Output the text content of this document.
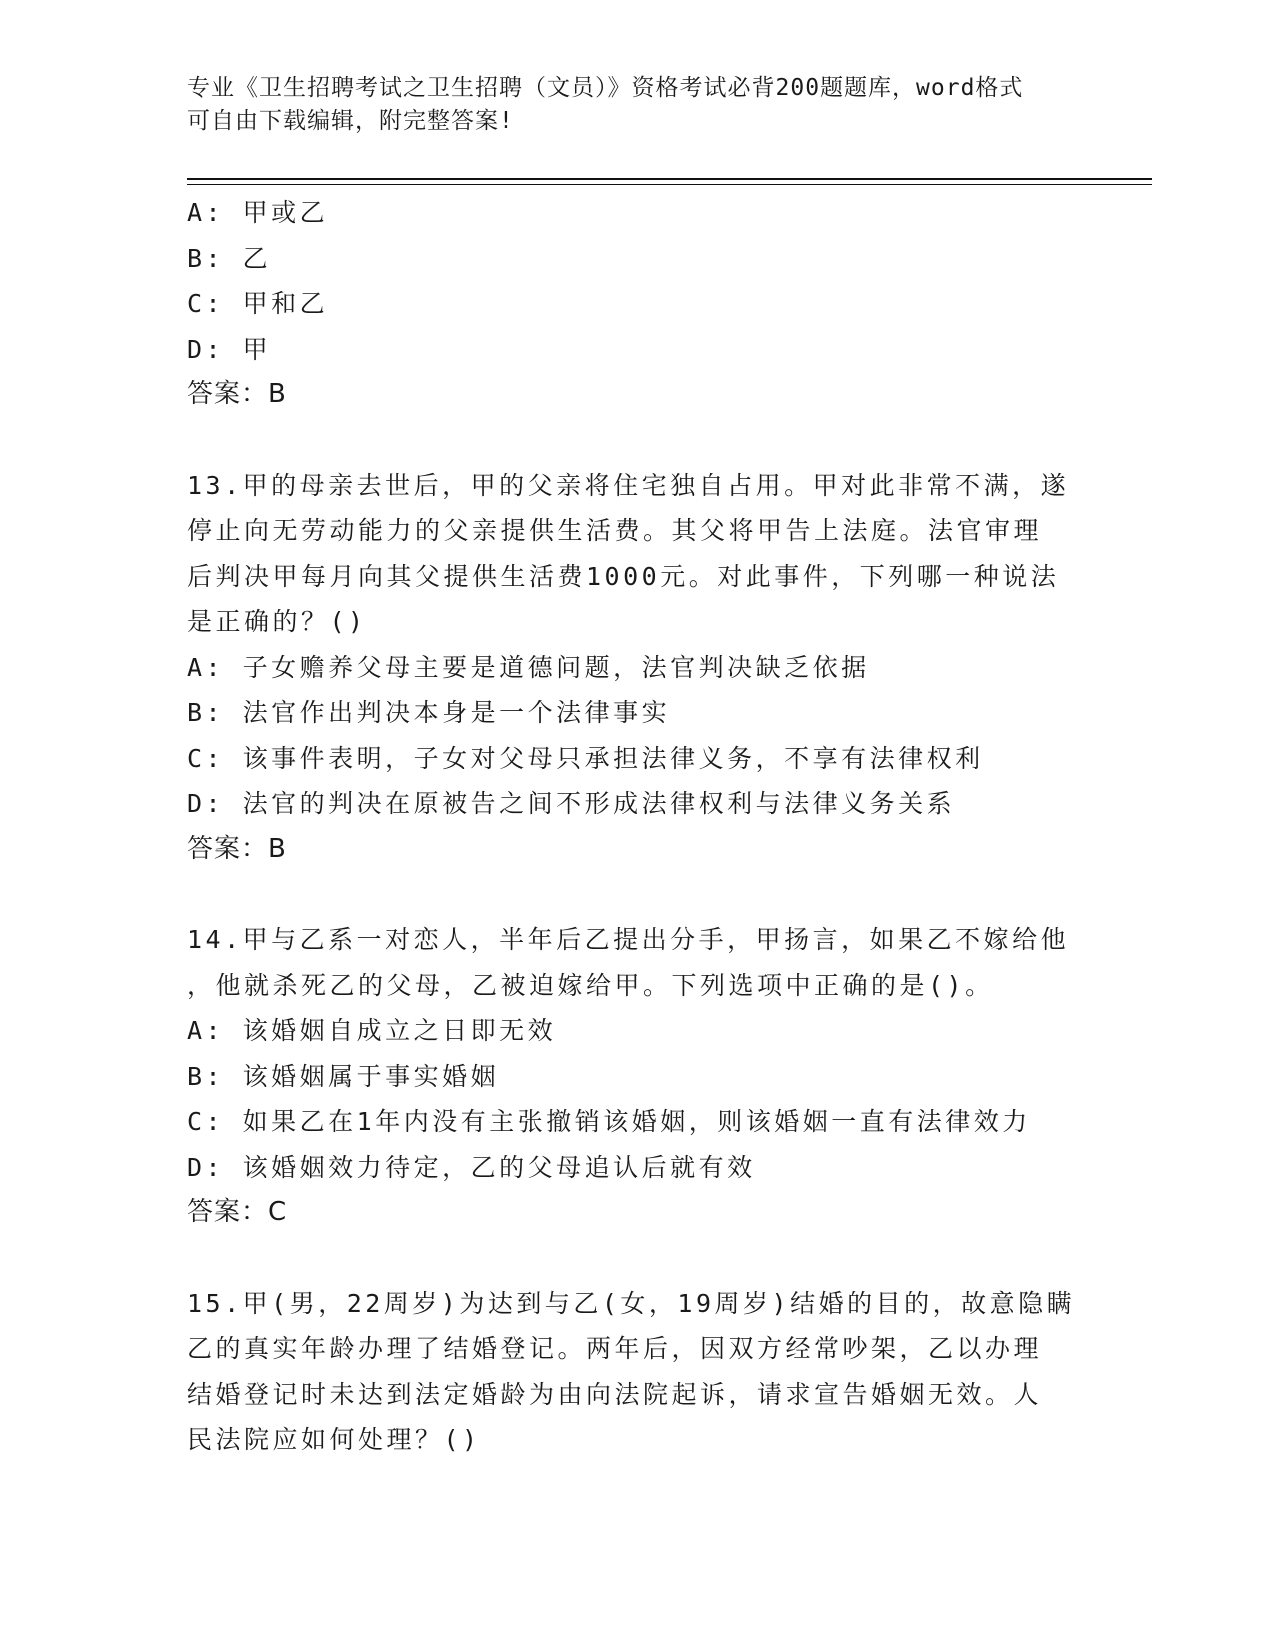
专业《卫生招聘考试之卫生招聘（文员）》资格考试必背200题题库，word格式
可自由下载编辑，附完整答案!
A: 甲或乙
B: 乙
C: 甲和乙
D: 甲
答案：B
13.甲的母亲去世后，甲的父亲将住宅独自占用。甲对此非常不满，遂
停止向无劳动能力的父亲提供生活费。其父将甲告上法庭。法官审理
后判决甲每月向其父提供生活费1000元。对此事件，下列哪一种说法
是正确的？()
A: 子女赡养父母主要是道德问题，法官判决缺乏依据
B: 法官作出判决本身是一个法律事实
C: 该事件表明，子女对父母只承担法律义务，不享有法律权利
D: 法官的判决在原被告之间不形成法律权利与法律义务关系
答案：B
14.甲与乙系一对恋人，半年后乙提出分手，甲扬言，如果乙不嫁给他
，他就杀死乙的父母，乙被迫嫁给甲。下列选项中正确的是()。
A: 该婚姻自成立之日即无效
B: 该婚姻属于事实婚姻
C: 如果乙在1年内没有主张撤销该婚姻，则该婚姻一直有法律效力
D: 该婚姻效力待定，乙的父母追认后就有效
答案：C
15.甲(男，22周岁)为达到与乙(女，19周岁)结婚的目的，故意隐瞒
乙的真实年龄办理了结婚登记。两年后，因双方经常吵架，乙以办理
结婚登记时未达到法定婚龄为由向法院起诉，请求宣告婚姻无效。人
民法院应如何处理？()
